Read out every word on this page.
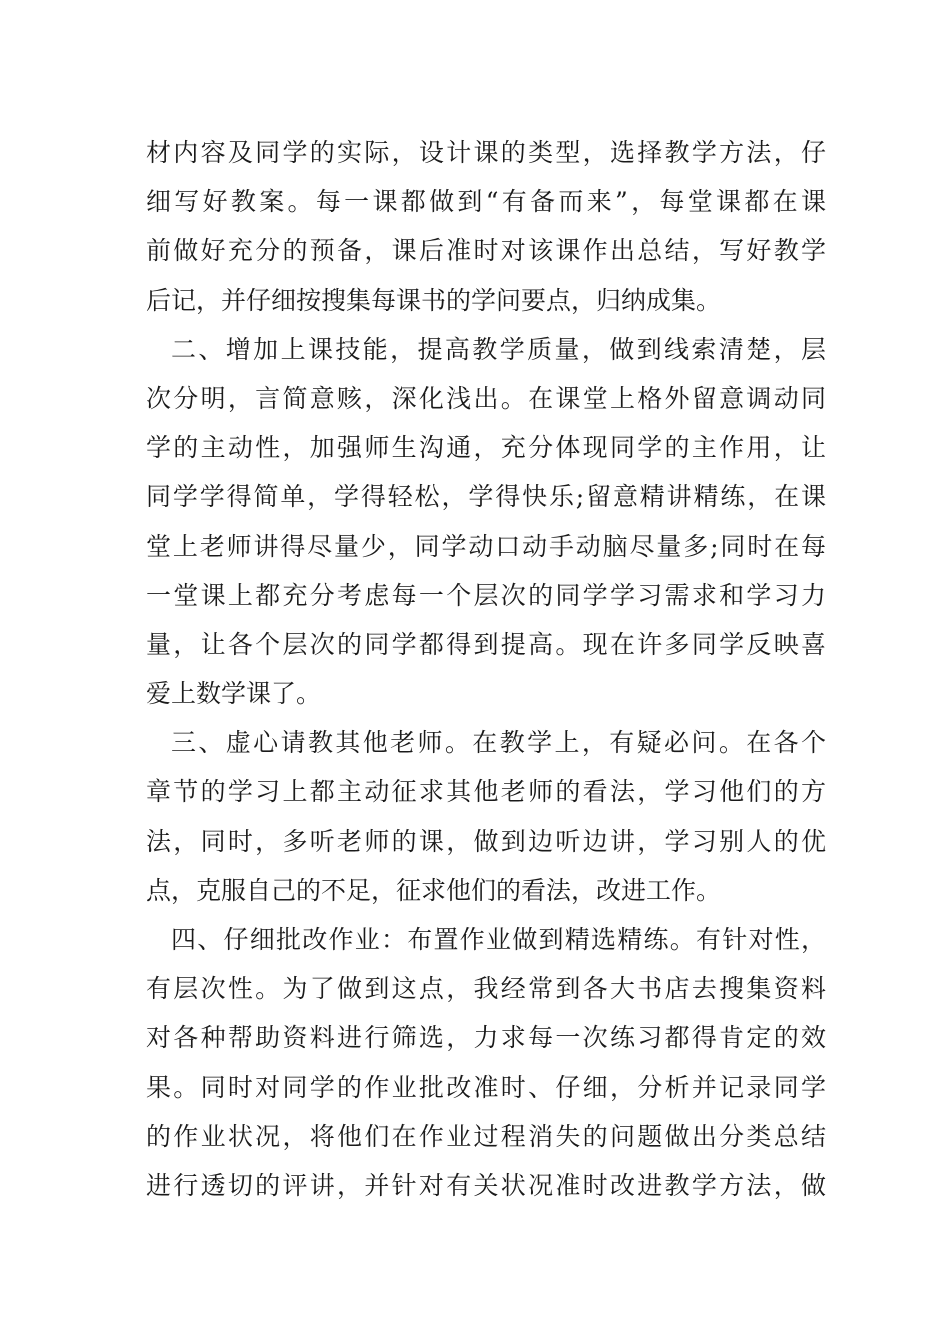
材内容及同学的实际，设计课的类型，选择教学方法，仔
细写好教案。每一课都做到“有备而来”，每堂课都在课
前做好充分的预备，课后准时对该课作出总结，写好教学
后记，并仔细按搜集每课书的学问要点，归纳成集。
二、增加上课技能，提高教学质量，做到线索清楚，层
次分明，言简意赅，深化浅出。在课堂上格外留意调动同
学的主动性，加强师生沟通，充分体现同学的主作用，让
同学学得简单，学得轻松，学得快乐;留意精讲精练，在课
堂上老师讲得尽量少，同学动口动手动脑尽量多;同时在每
一堂课上都充分考虑每一个层次的同学学习需求和学习力
量，让各个层次的同学都得到提高。现在许多同学反映喜
爱上数学课了。
三、虚心请教其他老师。在教学上，有疑必问。在各个
章节的学习上都主动征求其他老师的看法，学习他们的方
法，同时，多听老师的课，做到边听边讲，学习别人的优
点，克服自己的不足，征求他们的看法，改进工作。
四、仔细批改作业：布置作业做到精选精练。有针对性，
有层次性。为了做到这点，我经常到各大书店去搜集资料
对各种帮助资料进行筛选，力求每一次练习都得肯定的效
果。同时对同学的作业批改准时、仔细，分析并记录同学
的作业状况，将他们在作业过程消失的问题做出分类总结
进行透切的评讲，并针对有关状况准时改进教学方法，做
